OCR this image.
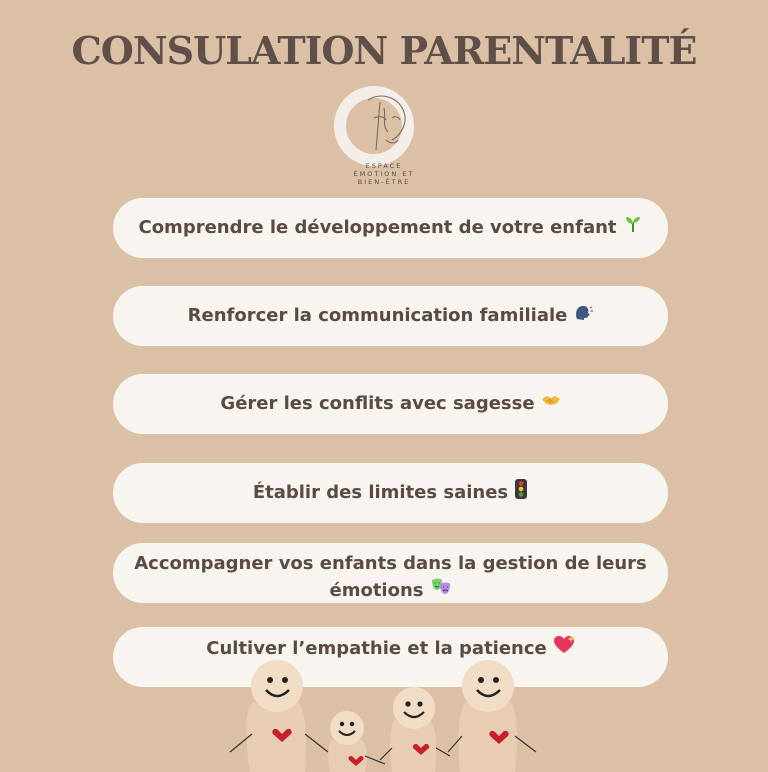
CONSULATION PARENTALITÉ
ESPACE
ÉMOTION ET
BIEN-ÊTRE
Comprendre le développement de votre enfant
Renforcer la communication familiale
Gérer les conflits avec sagesse
Établir des limites saines
Accompagner vos enfants dans la gestion de leurs émotions
Cultiver l’empathie et la patience
